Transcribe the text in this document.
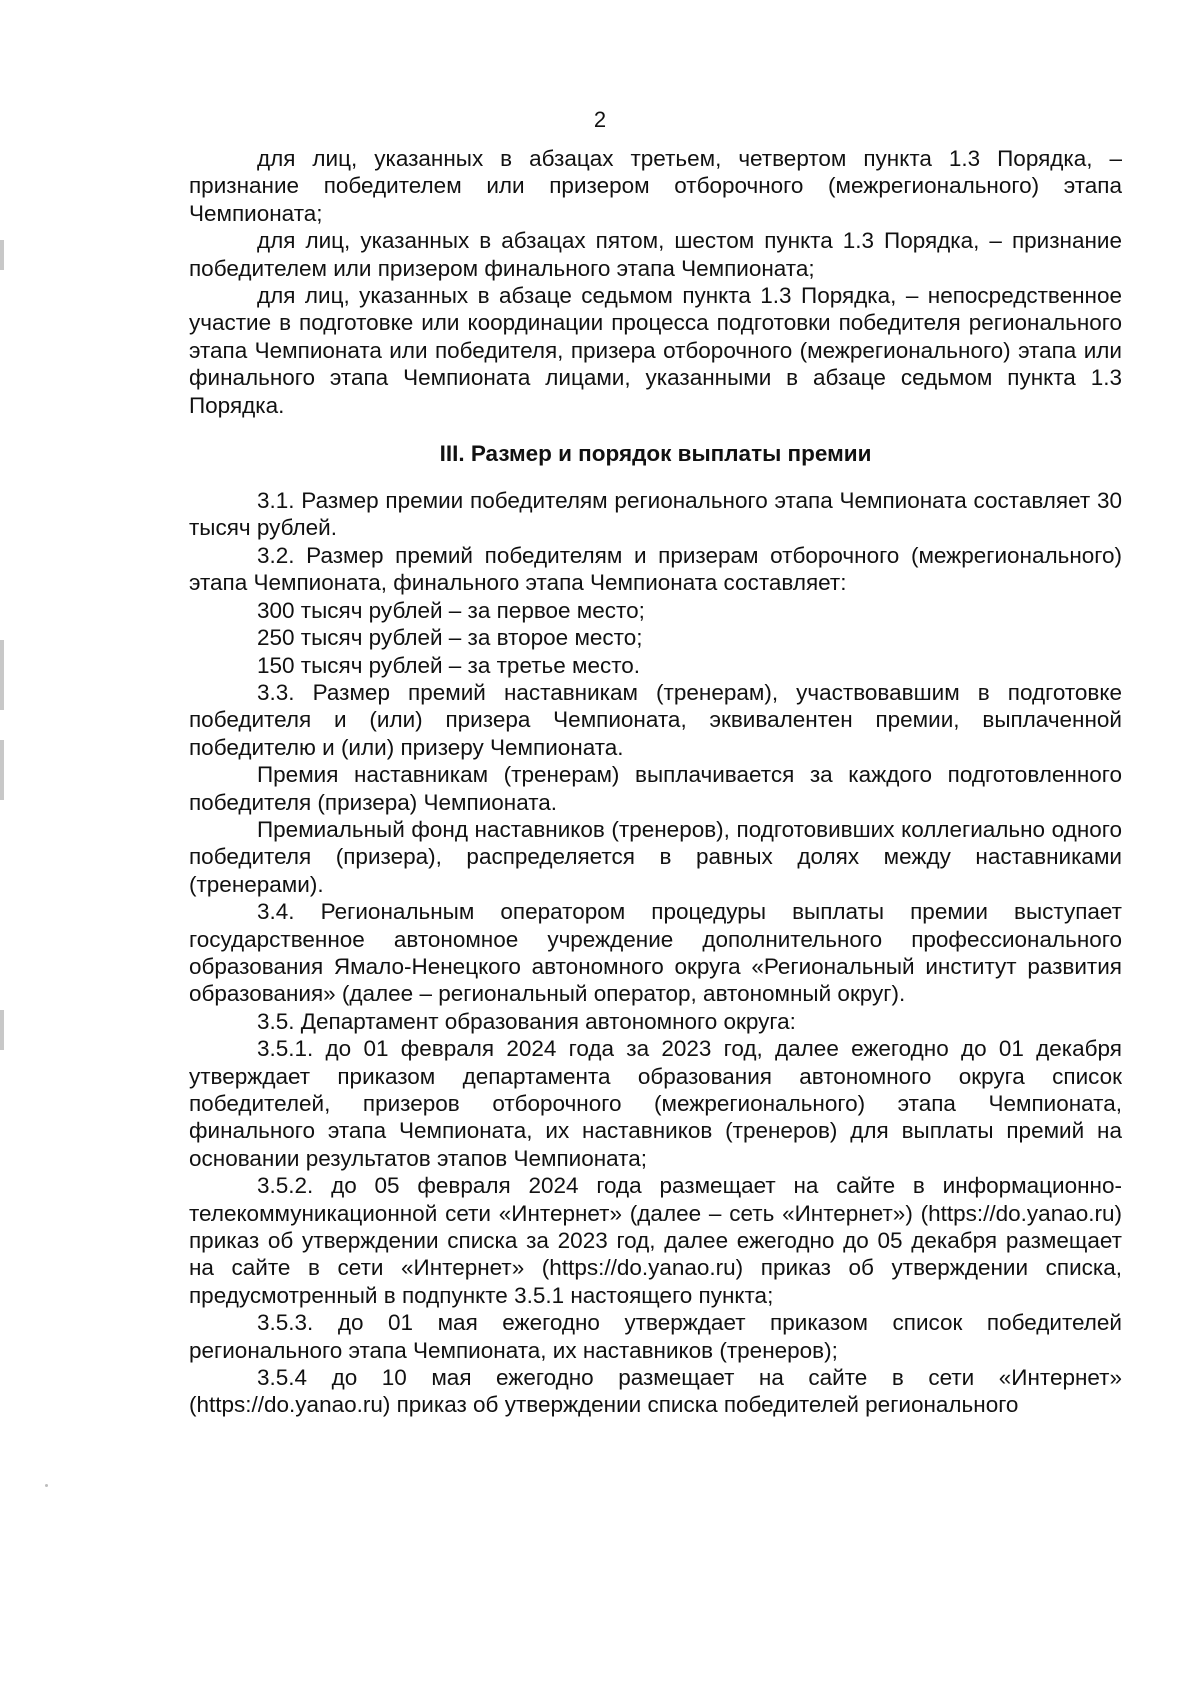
2

для лиц, указанных в абзацах третьем, четвертом пункта 1.3 Порядка, – признание победителем или призером отборочного (межрегионального) этапа Чемпионата;

для лиц, указанных в абзацах пятом, шестом пункта 1.3 Порядка, – признание победителем или призером финального этапа Чемпионата;

для лиц, указанных в абзаце седьмом пункта 1.3 Порядка, – непосредственное участие в подготовке или координации процесса подготовки победителя регионального этапа Чемпионата или победителя, призера отборочного (межрегионального) этапа или финального этапа Чемпионата лицами, указанными в абзаце седьмом пункта 1.3 Порядка.

III. Размер и порядок выплаты премии

3.1. Размер премии победителям регионального этапа Чемпионата составляет 30 тысяч рублей.

3.2. Размер премий победителям и призерам отборочного (межрегионального) этапа Чемпионата, финального этапа Чемпионата составляет:

300 тысяч рублей – за первое место;

250 тысяч рублей – за второе место;

150 тысяч рублей – за третье место.

3.3. Размер премий наставникам (тренерам), участвовавшим в подготовке победителя и (или) призера Чемпионата, эквивалентен премии, выплаченной победителю и (или) призеру Чемпионата.

Премия наставникам (тренерам) выплачивается за каждого подготовленного победителя (призера) Чемпионата.

Премиальный фонд наставников (тренеров), подготовивших коллегиально одного победителя (призера), распределяется в равных долях между наставниками (тренерами).

3.4. Региональным оператором процедуры выплаты премии выступает государственное автономное учреждение дополнительного профессионального образования Ямало-Ненецкого автономного округа «Региональный институт развития образования» (далее – региональный оператор, автономный округ).

3.5. Департамент образования автономного округа:

3.5.1. до 01 февраля 2024 года за 2023 год, далее ежегодно до 01 декабря утверждает приказом департамента образования автономного округа список победителей, призеров отборочного (межрегионального) этапа Чемпионата, финального этапа Чемпионата, их наставников (тренеров) для выплаты премий на основании результатов этапов Чемпионата;

3.5.2. до 05 февраля 2024 года размещает на сайте в информационно-телекоммуникационной сети «Интернет» (далее – сеть «Интернет») (https://do.yanao.ru) приказ об утверждении списка за 2023 год, далее ежегодно до 05 декабря размещает на сайте в сети «Интернет» (https://do.yanao.ru) приказ об утверждении списка, предусмотренный в подпункте 3.5.1 настоящего пункта;

3.5.3. до 01 мая ежегодно утверждает приказом список победителей регионального этапа Чемпионата, их наставников (тренеров);

3.5.4 до 10 мая ежегодно размещает на сайте в сети «Интернет» (https://do.yanao.ru) приказ об утверждении списка победителей регионального
